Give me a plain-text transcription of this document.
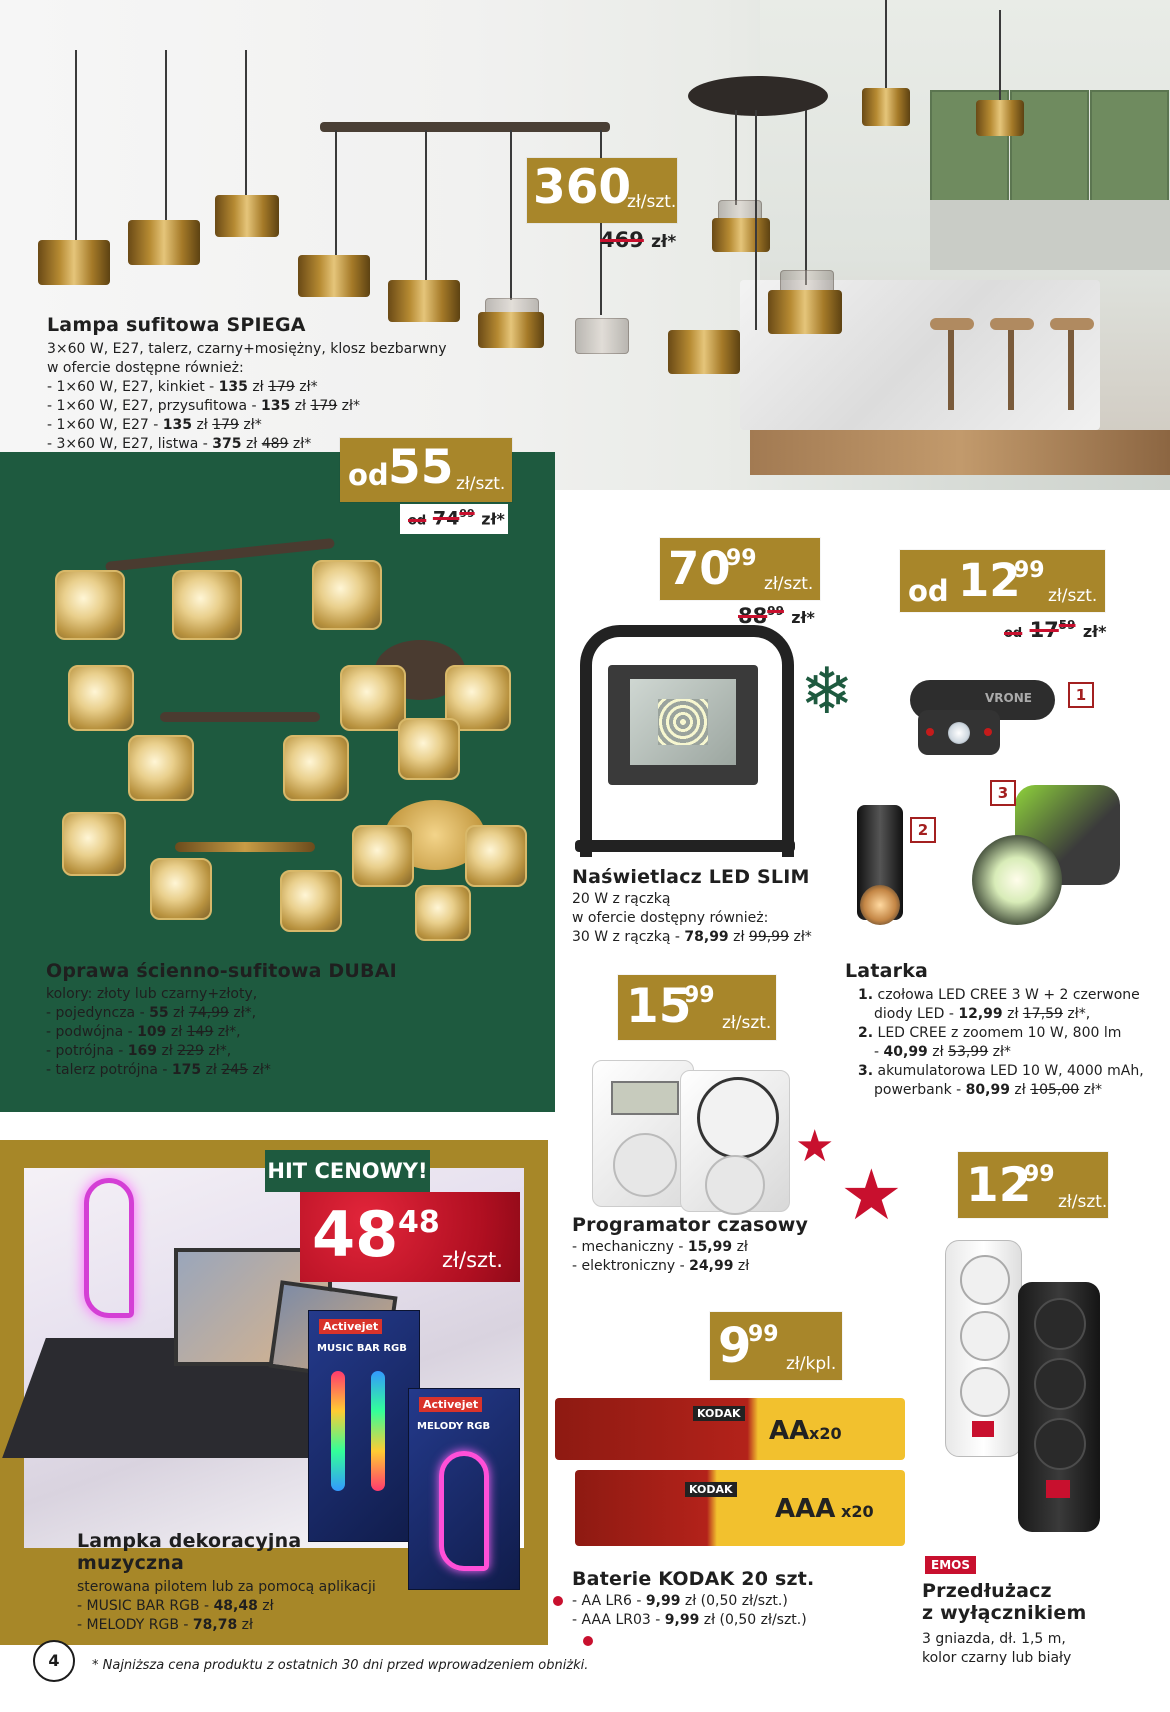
360
zł/szt.
469 zł*
Lampa sufitowa SPIEGA
3×60 W, E27, talerz, czarny+mosiężny, klosz bezbarwny
w ofercie dostępne również:
- 1×60 W, E27, kinkiet - 135 zł 179 zł*
- 1×60 W, E27, przysufitowa - 135 zł 179 zł*
- 1×60 W, E27 - 135 zł 179 zł*
- 3×60 W, E27, listwa - 375 zł 489 zł*
od 55 zł/szt.
od $74^{99}$ zł*
Oprawa ścienno-sufitowa DUBAI
kolory: złoty lub czarny+złoty,
- pojedyncza - 55 zł 74,99 zł*,
- podwójna - 109 zł 149 zł*,
- potrójna - 169 zł 229 zł*,
- talerz potrójna - 175 zł 245 zł*
70
99
zł/szt.
$88^{99}$ zł*
Naświetlacz LED SLIM
20 W z rączką
w ofercie dostępny również:
30 W z rączką - 78,99 zł 99,99 zł*
❄
od 12
99
zł/szt.
od $17^{59}$ zł*
VRONE	1
2
3
Latarka
1. czołowa LED CREE 3 W + 2 czerwone
diody LED - 12,99 zł 17,59 zł*,
2. LED CREE z zoomem 10 W, 800 lm
- 40,99 zł 53,99 zł*
3. akumulatorowa LED 10 W, 4000 mAh,
powerbank - 80,99 zł 105,00 zł*
15
99
zł/szt.
Programator czasowy
- mechaniczny - 15,99 zł
- elektroniczny - 24,99 zł
★
★
Activejet
MUSIC BAR RGB
Activejet
MELODY RGB
HIT CENOWY!
48 48
zł/szt.
Lampka dekoracyjna
muzyczna
sterowana pilotem lub za pomocą aplikacji
- MUSIC BAR RGB - 48,48 zł
- MELODY RGB - 78,78 zł
9
99
zł/kpl.
KODAK
AA x20
KODAK
AAA x20
Baterie KODAK 20 szt.
- AA LR6 - 9,99 zł (0,50 zł/szt.)
- AAA LR03 - 9,99 zł (0,50 zł/szt.)
12
99
zł/szt.
EMOS
Przedłużacz
z wyłącznikiem
3 gniazda, dł. 1,5 m,
kolor czarny lub biały
4	* Najniższa cena produktu z ostatnich 30 dni przed wprowadzeniem obniżki.
